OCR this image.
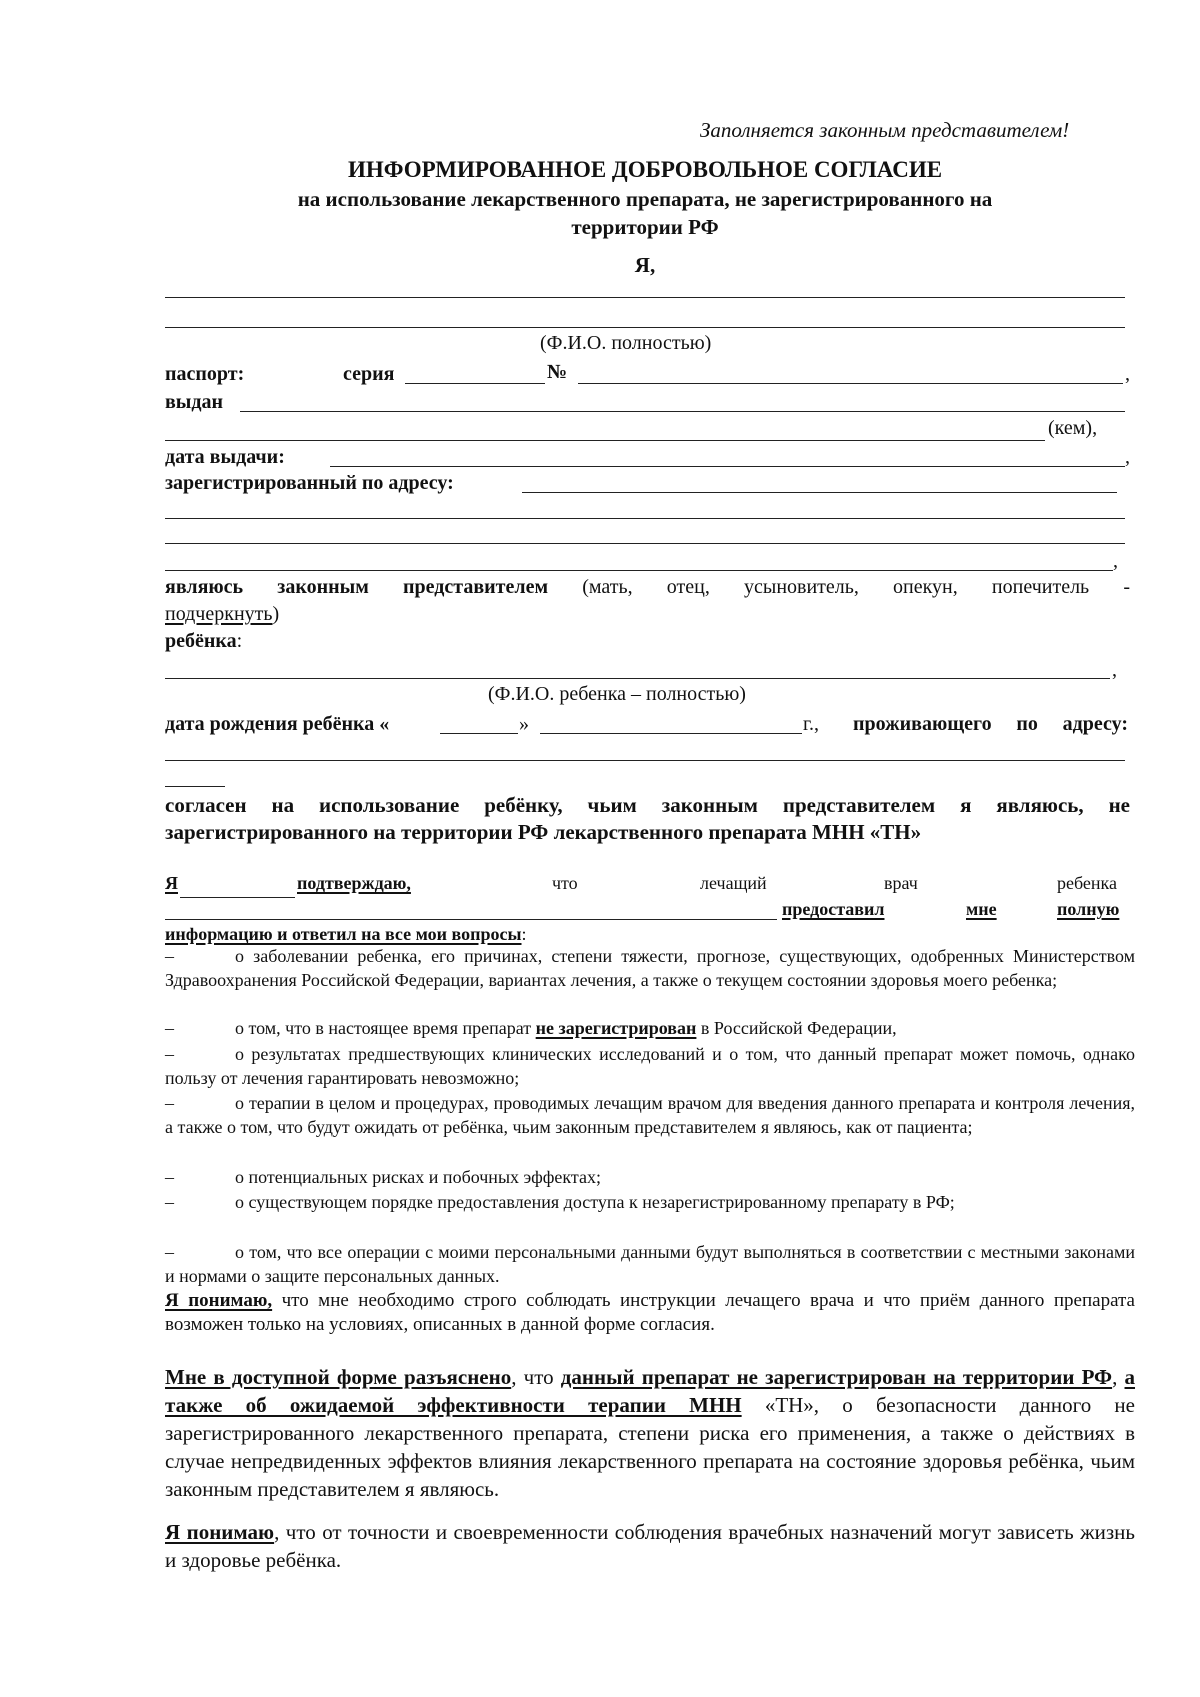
Заполняется законным представителем!
ИНФОРМИРОВАННОЕ ДОБРОВОЛЬНОЕ СОГЛАСИЕ
на использование лекарственного препарата, не зарегистрированного на
территории РФ
Я,
(Ф.И.О. полностью)
паспорт:	серия	№	,
выдан
(кем),
дата выдачи:	,
зарегистрированный по адресу:
,
являюсь законным представителем (мать, отец, усыновитель, опекун, попечитель -
подчеркнуть)
ребёнка:
,
(Ф.И.О. ребенка – полностью)
дата рождения ребёнка «	»	г., проживающего по адресу:
согласен на использование ребёнку, чьим законным представителем я являюсь, не
зарегистрированного на территории РФ лекарственного препарата МНН «ТН»
Я	подтверждаю,	что	лечащий	врач	ребенка
предоставил	мне	полную
информацию и ответил на все мои вопросы:
–	о заболевании ребенка, его причинах, степени тяжести, прогнозе, существующих, одобренных Министерством Здравоохранения Российской Федерации, вариантах лечения, а также о текущем состоянии здоровья моего ребенка;
–	о том, что в настоящее время препарат не зарегистрирован в Российской Федерации,
–	о результатах предшествующих клинических исследований и о том, что данный препарат может помочь, однако пользу от лечения гарантировать невозможно;
–	о терапии в целом и процедурах, проводимых лечащим врачом для введения данного препарата и контроля лечения, а также о том, что будут ожидать от ребёнка, чьим законным представителем я являюсь, как от пациента;
–	о потенциальных рисках и побочных эффектах;
–	о существующем порядке предоставления доступа к незарегистрированному препарату в РФ;
–	о том, что все операции с моими персональными данными будут выполняться в соответствии с местными законами и нормами о защите персональных данных.
Я понимаю, что мне необходимо строго соблюдать инструкции лечащего врача и что приём данного препарата возможен только на условиях, описанных в данной форме согласия.
Мне в доступной форме разъяснено, что данный препарат не зарегистрирован на территории РФ, а также об ожидаемой эффективности терапии МНН «ТН», о безопасности данного не зарегистрированного лекарственного препарата, степени риска его применения, а также о действиях в случае непредвиденных эффектов влияния лекарственного препарата на состояние здоровья ребёнка, чьим законным представителем я являюсь.
Я понимаю, что от точности и своевременности соблюдения врачебных назначений могут зависеть жизнь и здоровье ребёнка.
